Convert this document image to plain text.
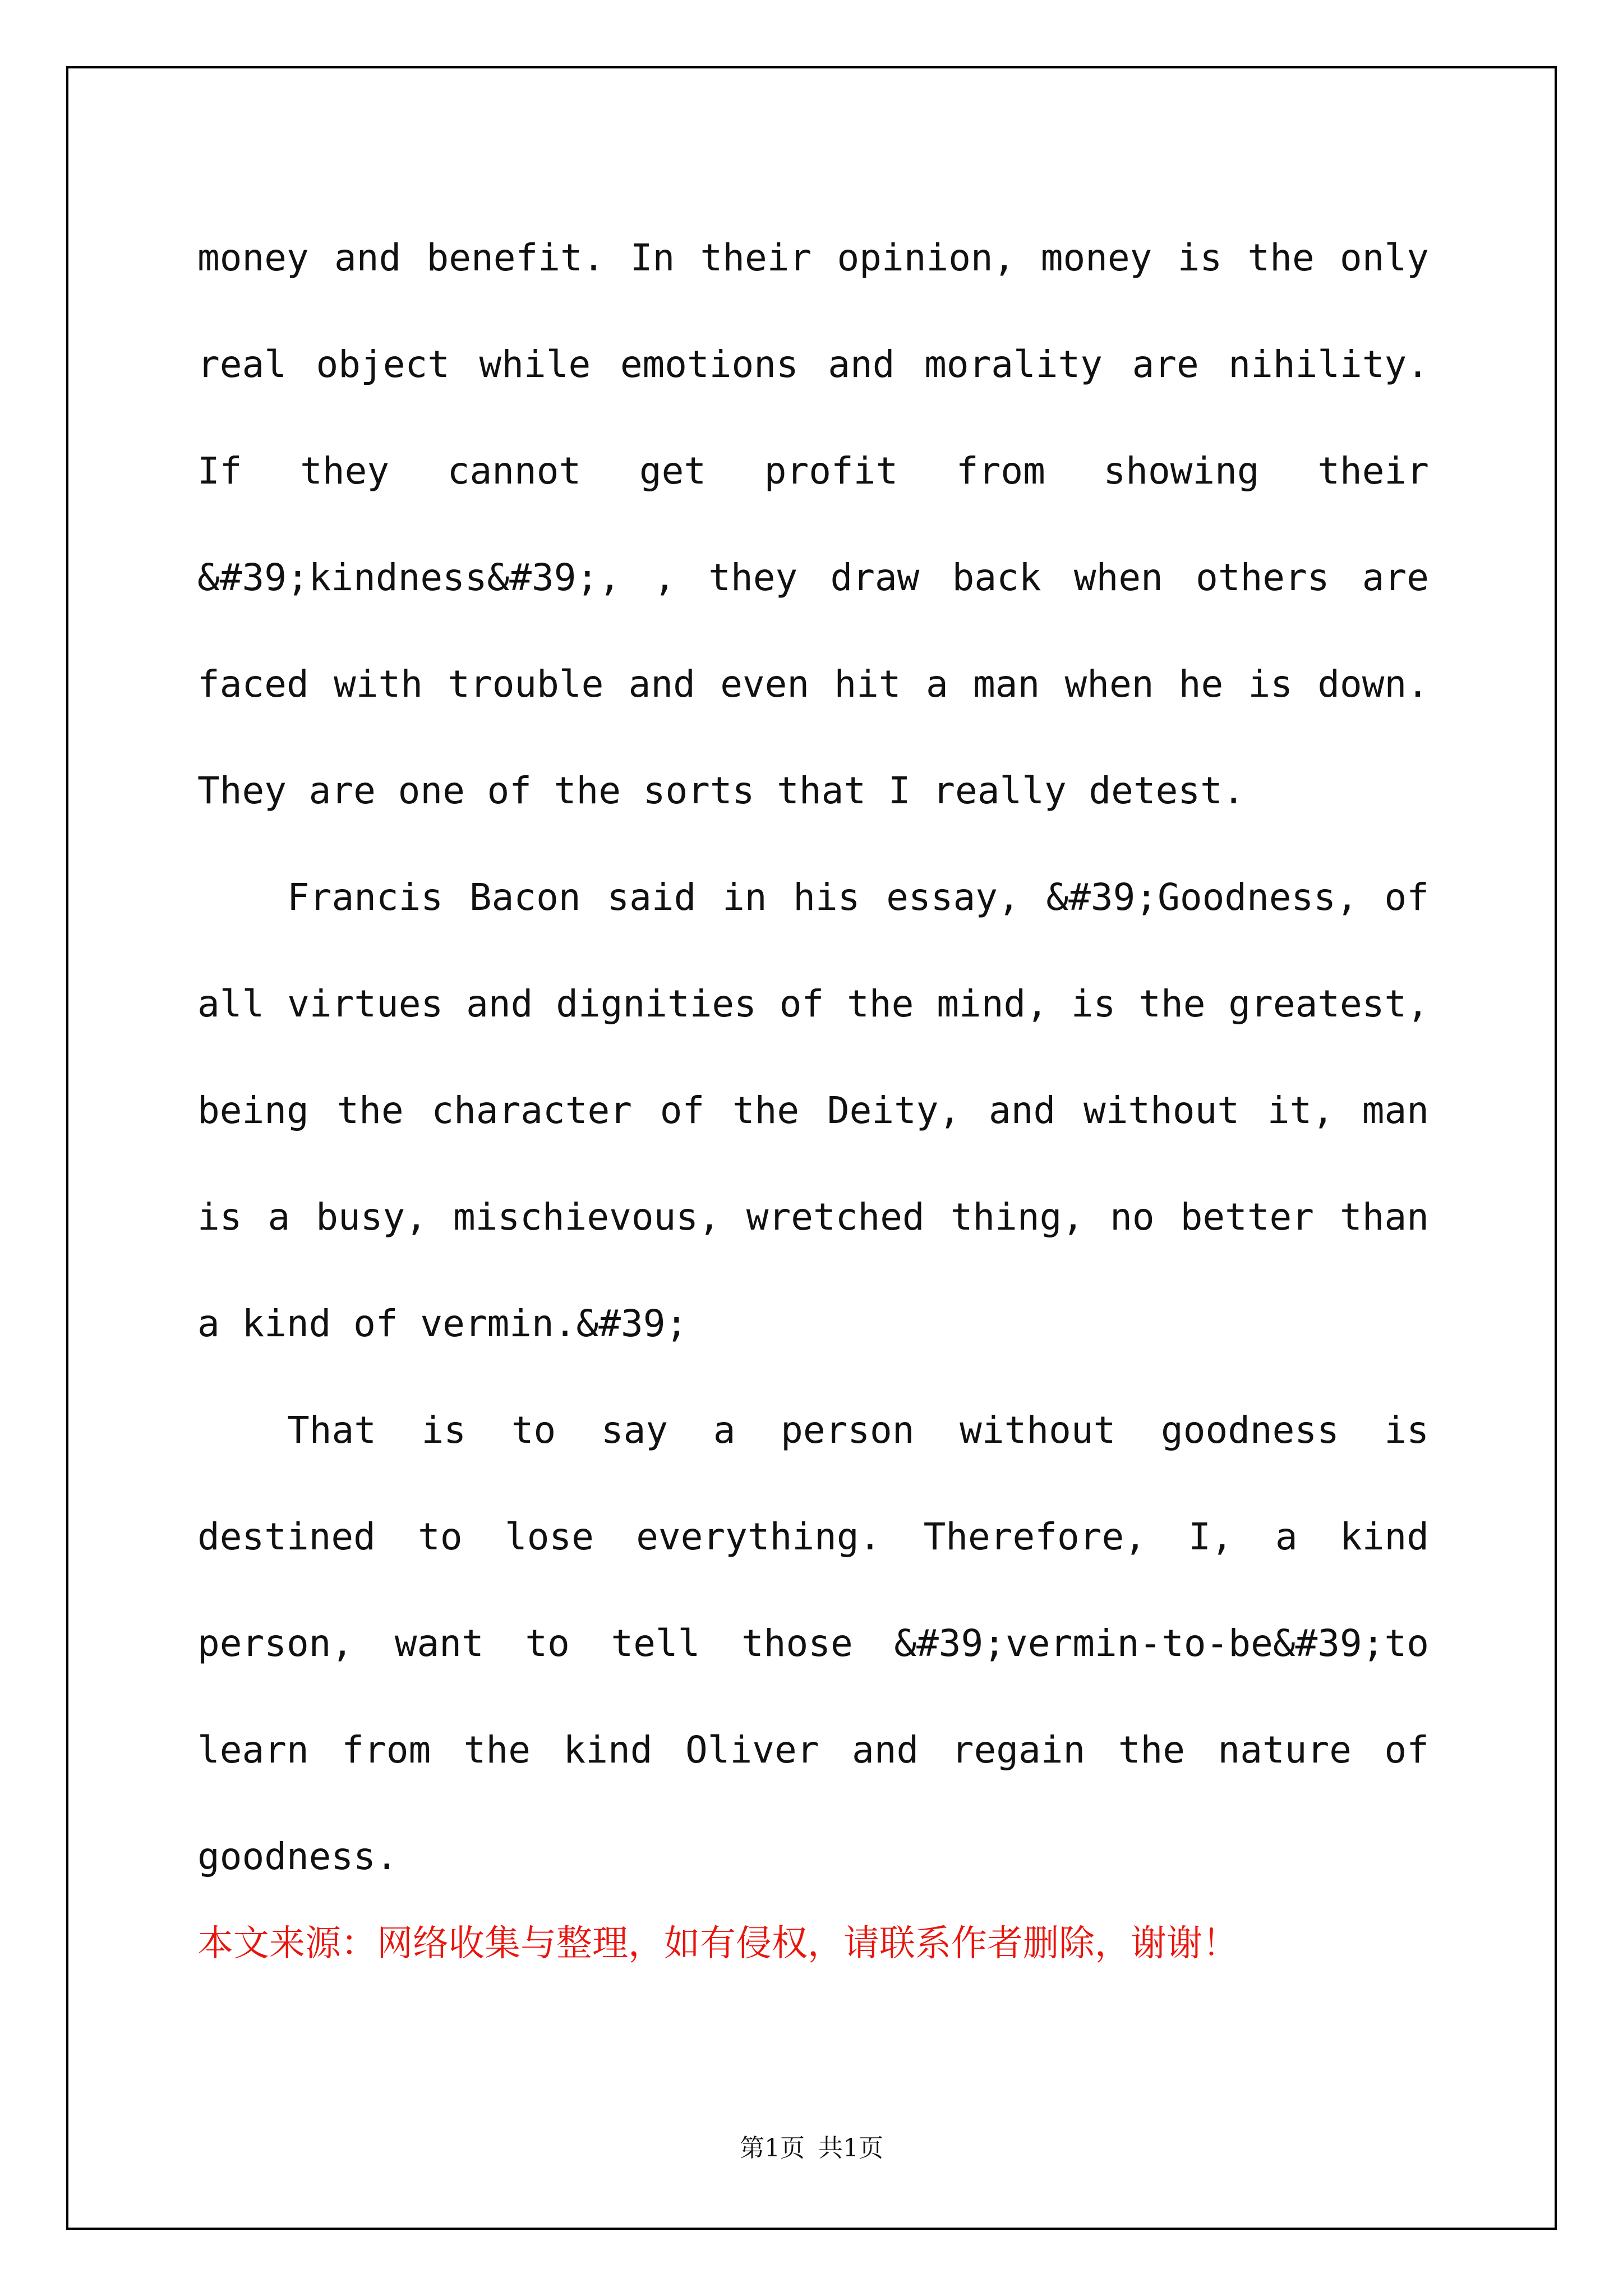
money and benefit. In their opinion, money is the only real object while emotions and morality are nihility. If they cannot get profit from showing their &#39;kindness&#39;, , they draw back when others are faced with trouble and even hit a man when he is down. They are one of the sorts that I really detest.

Francis Bacon said in his essay, &#39;Goodness, of all virtues and dignities of the mind, is the greatest, being the character of the Deity, and without it, man is a busy, mischievous, wretched thing, no better than a kind of vermin.&#39;

That is to say a person without goodness is destined to lose everything. Therefore, I, a kind person, want to tell those &#39;vermin-to-be&#39;to learn from the kind Oliver and regain the nature of goodness.

本文来源：网络收集与整理，如有侵权，请联系作者删除，谢谢！
第1页 共1页
